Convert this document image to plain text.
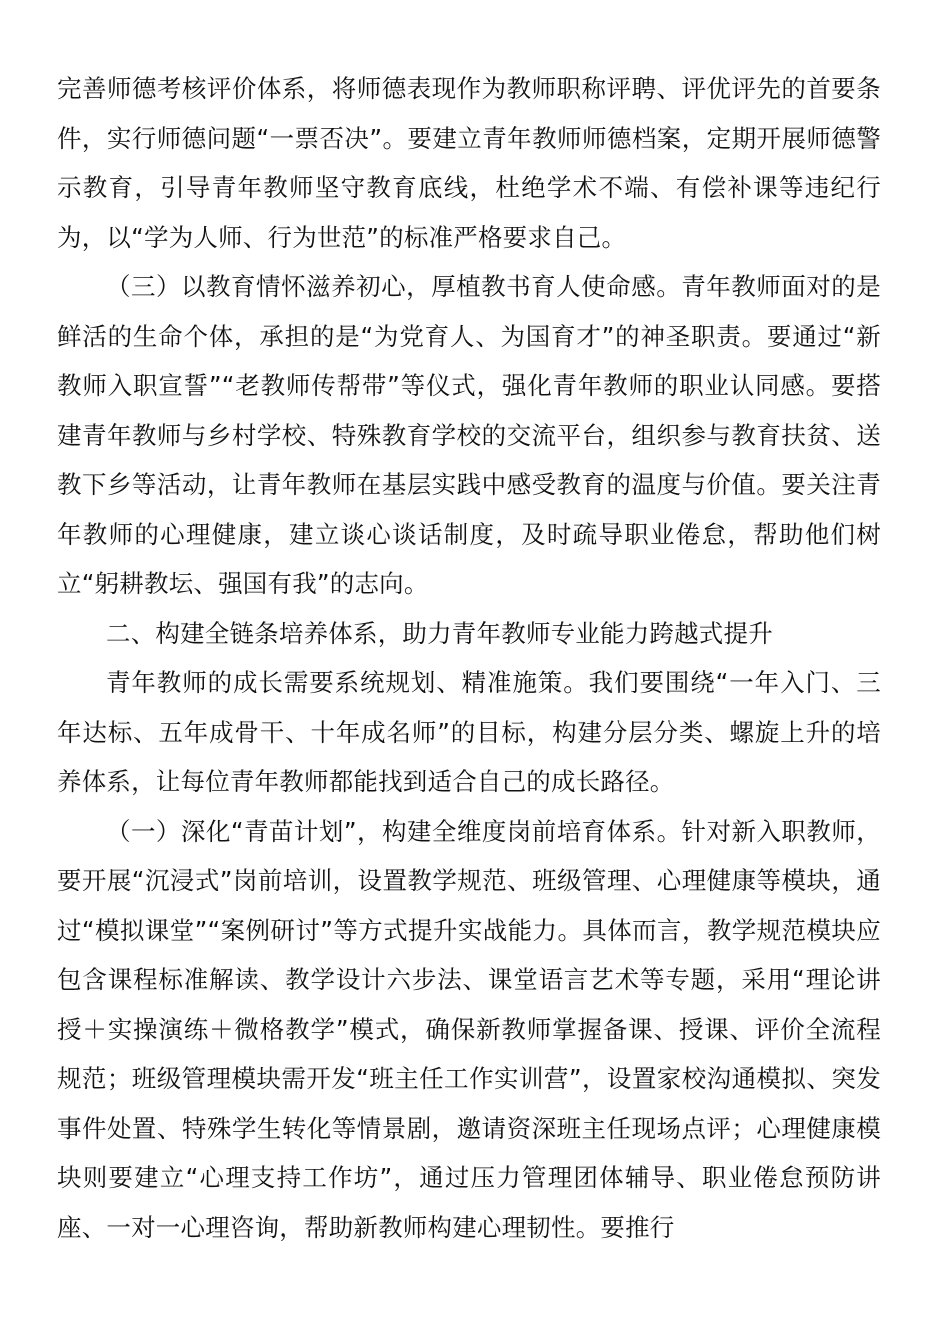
完善师德考核评价体系，将师德表现作为教师职称评聘、评优评先的首要条件，实行师德问题“一票否决”。要建立青年教师师德档案，定期开展师德警示教育，引导青年教师坚守教育底线，杜绝学术不端、有偿补课等违纪行为，以“学为人师、行为世范”的标准严格要求自己。

（三）以教育情怀滋养初心，厚植教书育人使命感。青年教师面对的是鲜活的生命个体，承担的是“为党育人、为国育才”的神圣职责。要通过“新教师入职宣誓”“老教师传帮带”等仪式，强化青年教师的职业认同感。要搭建青年教师与乡村学校、特殊教育学校的交流平台，组织参与教育扶贫、送教下乡等活动，让青年教师在基层实践中感受教育的温度与价值。要关注青年教师的心理健康，建立谈心谈话制度，及时疏导职业倦怠，帮助他们树立“躬耕教坛、强国有我”的志向。

二、构建全链条培养体系，助力青年教师专业能力跨越式提升

青年教师的成长需要系统规划、精准施策。我们要围绕“一年入门、三年达标、五年成骨干、十年成名师”的目标，构建分层分类、螺旋上升的培养体系，让每位青年教师都能找到适合自己的成长路径。

（一）深化“青苗计划”，构建全维度岗前培育体系。针对新入职教师，要开展“沉浸式”岗前培训，设置教学规范、班级管理、心理健康等模块，通过“模拟课堂”“案例研讨”等方式提升实战能力。具体而言，教学规范模块应包含课程标准解读、教学设计六步法、课堂语言艺术等专题，采用“理论讲授＋实操演练＋微格教学”模式，确保新教师掌握备课、授课、评价全流程规范；班级管理模块需开发“班主任工作实训营”，设置家校沟通模拟、突发事件处置、特殊学生转化等情景剧，邀请资深班主任现场点评；心理健康模块则要建立“心理支持工作坊”，通过压力管理团体辅导、职业倦怠预防讲座、一对一心理咨询，帮助新教师构建心理韧性。要推行
